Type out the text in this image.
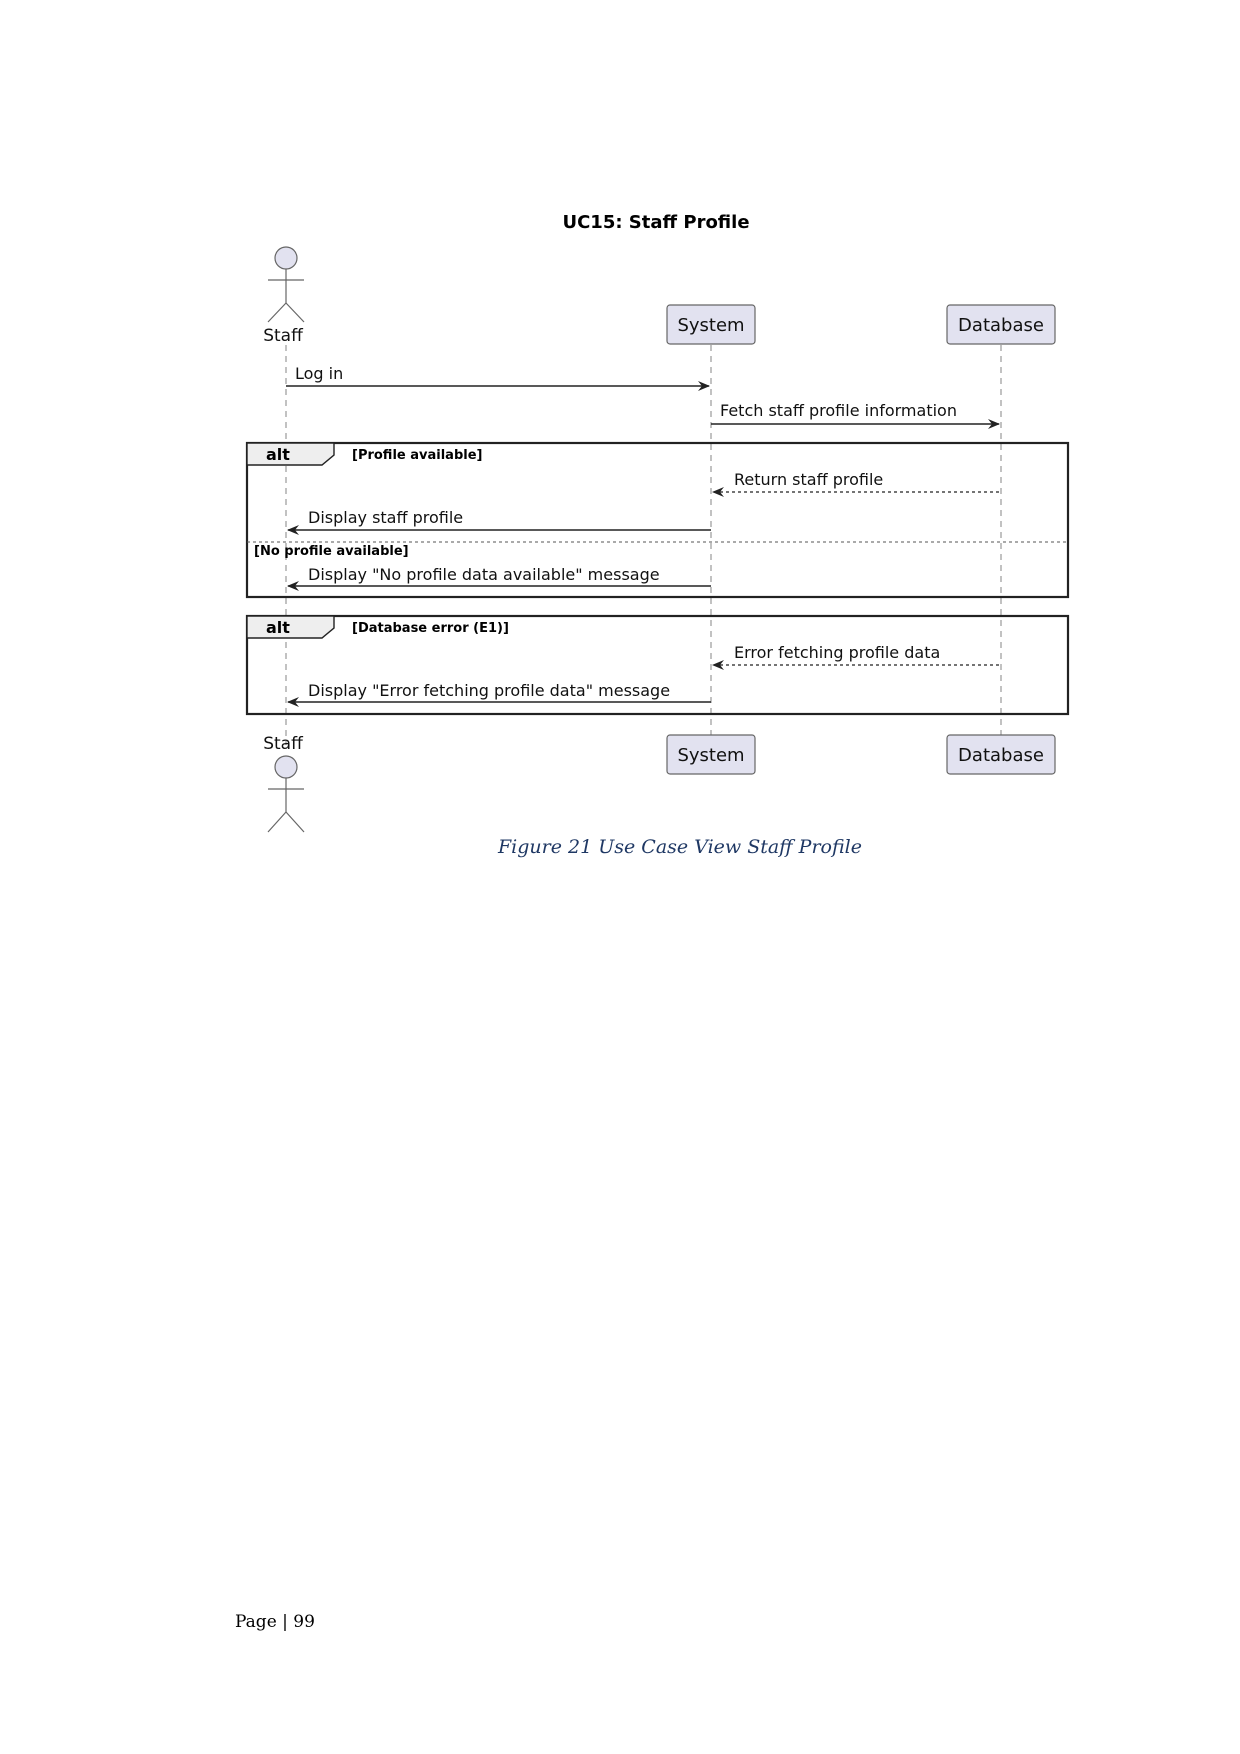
UC15: Staff Profile
Staff	System	Database
Log in
Fetch staff profile information
alt	[Profile available]
Return staff profile
Display staff profile
[No profile available]
Display "No profile data available" message
alt	[Database error (E1)]
Error fetching profile data
Display "Error fetching profile data" message
Staff
System	Database
Figure 21 Use Case View Staff Profile
Page | 99
